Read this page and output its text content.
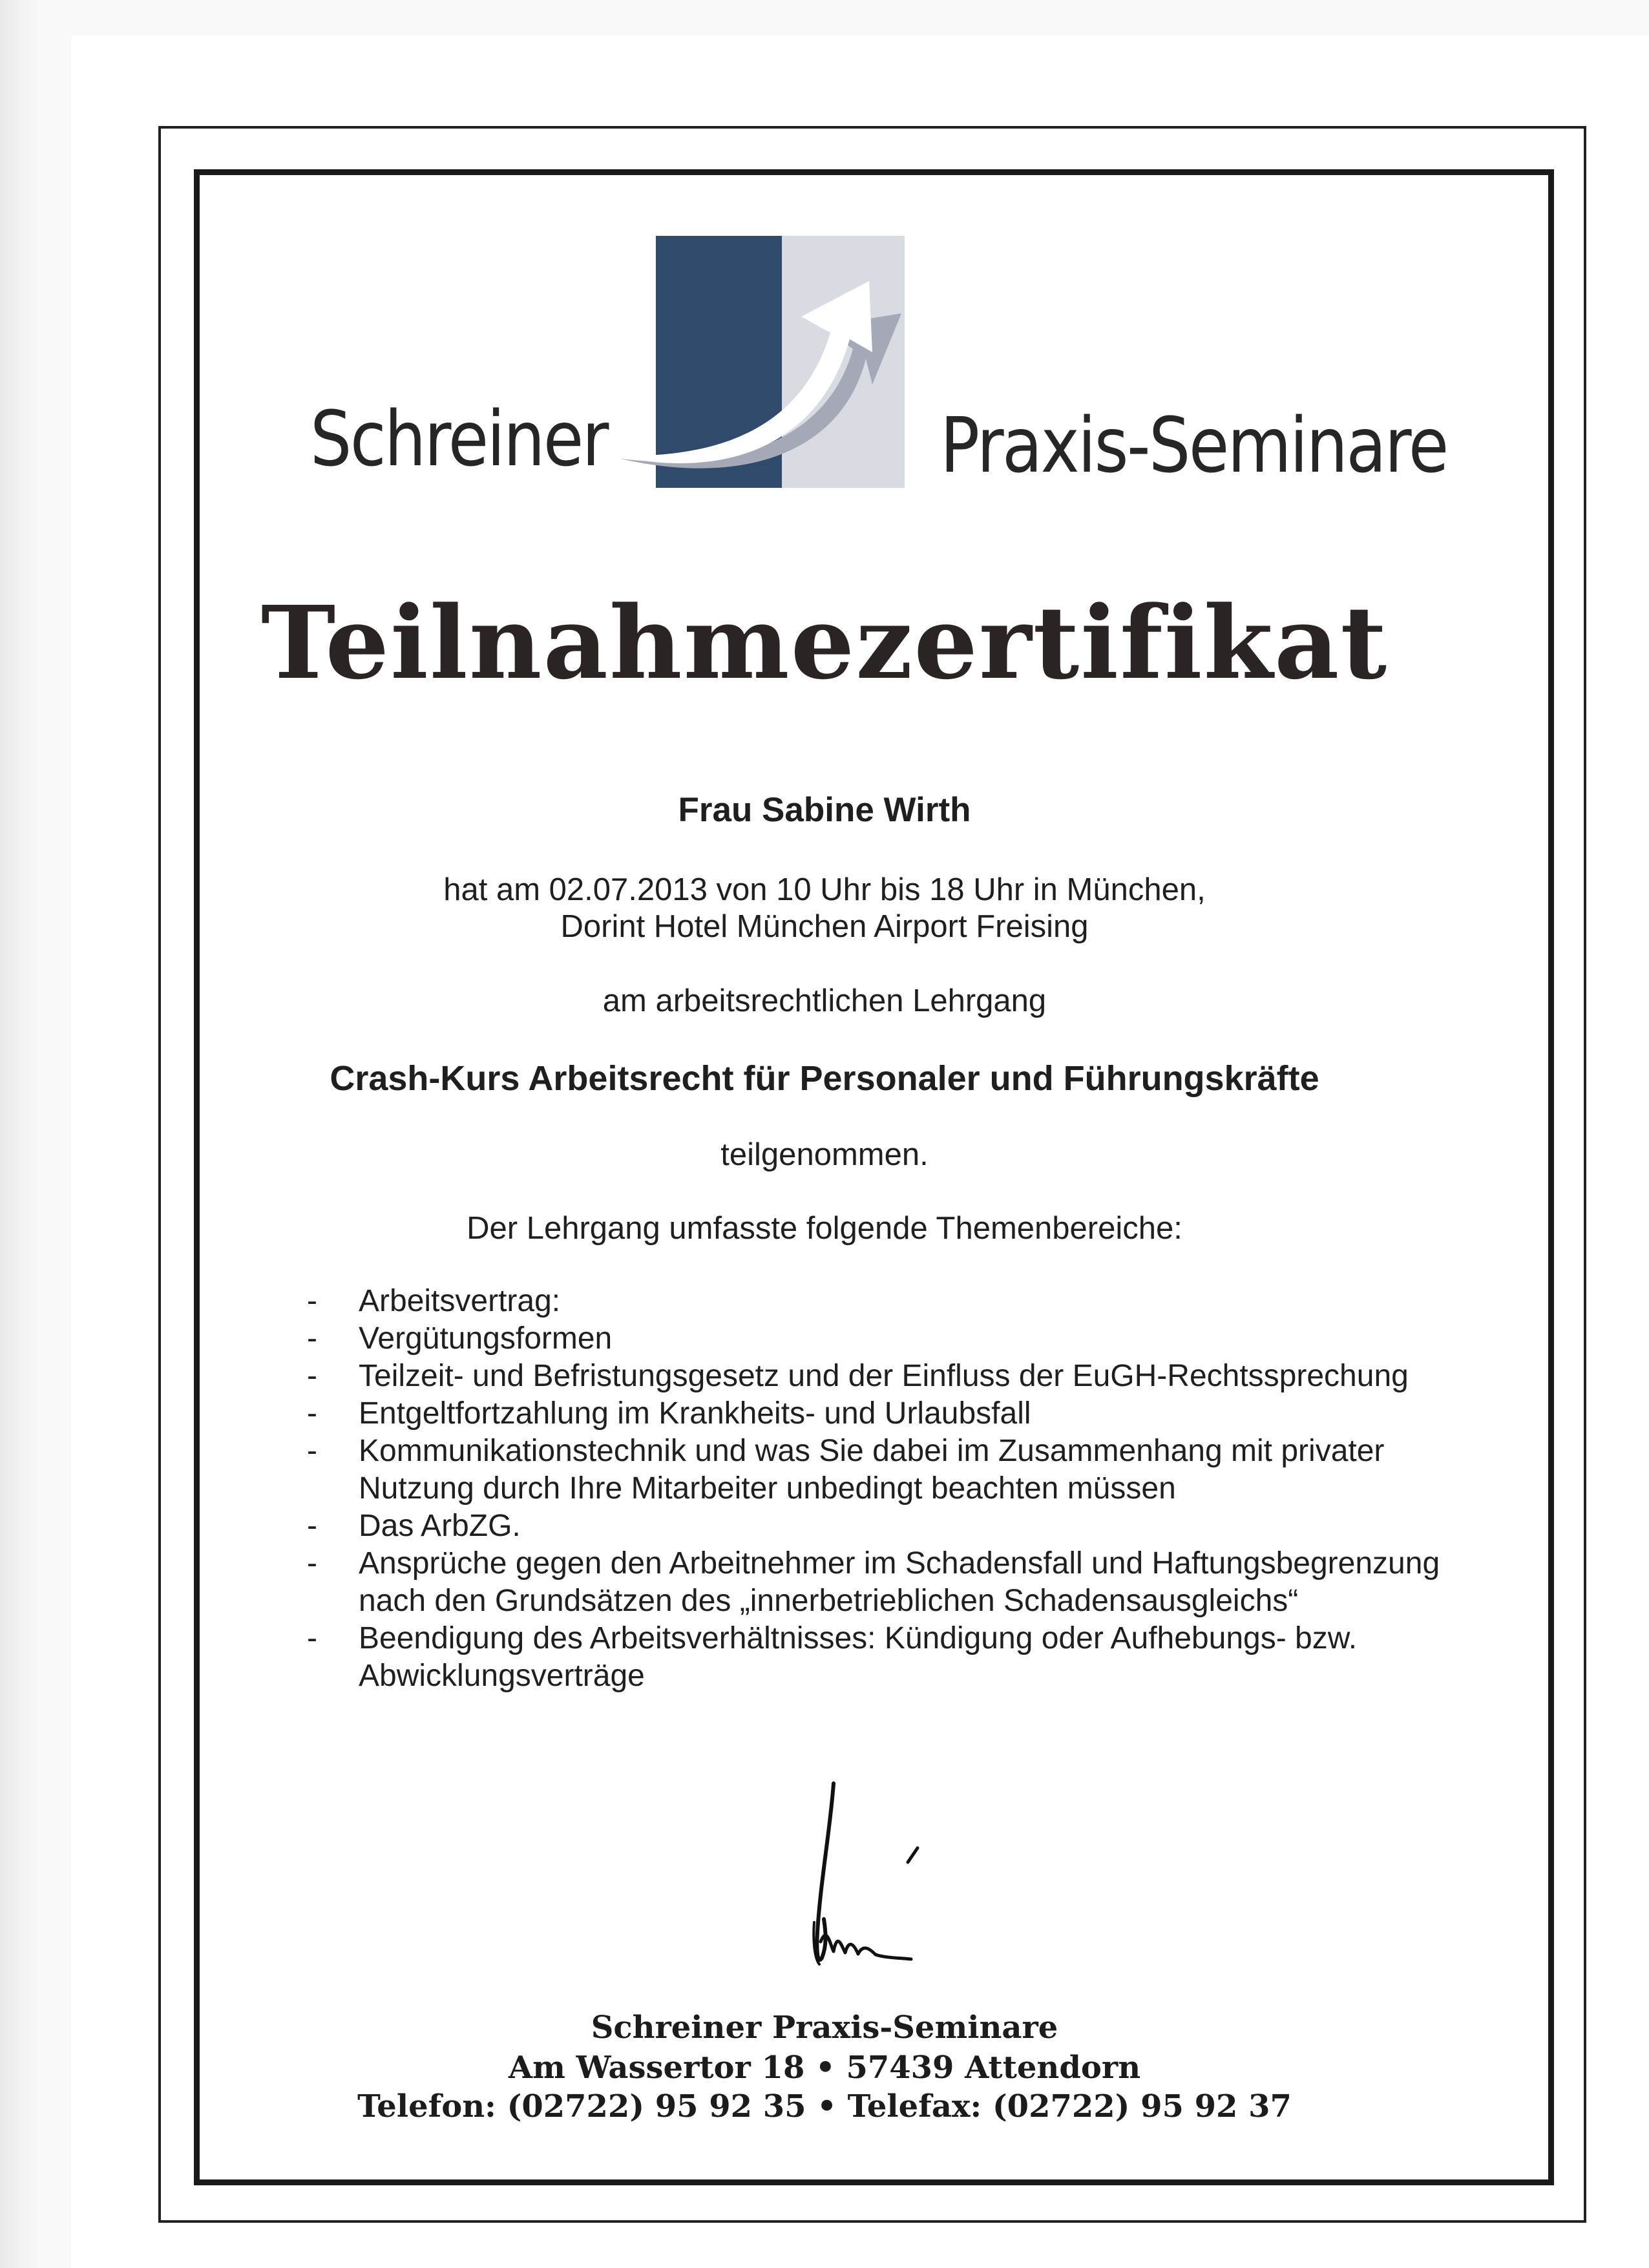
Schreiner	Praxis-Seminare
Teilnahmezertifikat
Frau Sabine Wirth
hat am 02.07.2013 von 10 Uhr bis 18 Uhr in München,
Dorint Hotel München Airport Freising
am arbeitsrechtlichen Lehrgang
Crash-Kurs Arbeitsrecht für Personaler und Führungskräfte
teilgenommen.
Der Lehrgang umfasste folgende Themenbereiche:
- Arbeitsvertrag:
- Vergütungsformen
- Teilzeit- und Befristungsgesetz und der Einfluss der EuGH-Rechtssprechung
- Entgeltfortzahlung im Krankheits- und Urlaubsfall
- Kommunikationstechnik und was Sie dabei im Zusammenhang mit privater Nutzung durch Ihre Mitarbeiter unbedingt beachten müssen
- Das ArbZG.
- Ansprüche gegen den Arbeitnehmer im Schadensfall und Haftungsbegrenzung nach den Grundsätzen des „innerbetrieblichen Schadensausgleichs“
- Beendigung des Arbeitsverhältnisses: Kündigung oder Aufhebungs- bzw. Abwicklungsverträge
Schreiner Praxis-Seminare
Am Wassertor 18 • 57439 Attendorn
Telefon: (02722) 95 92 35 • Telefax: (02722) 95 92 37
